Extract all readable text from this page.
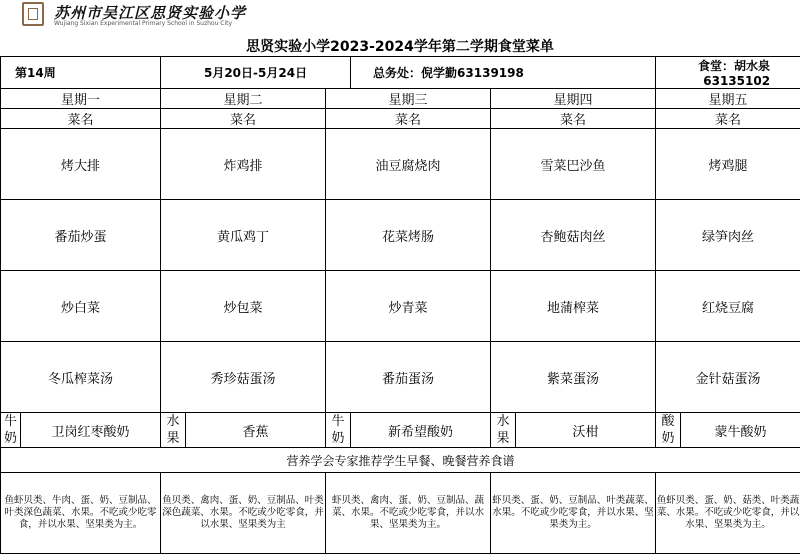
苏州市吴江区思贤实验小学
Wujiang Sixian Experimental Primary School in Suzhou City
思贤实验小学2023-2024学年第二学期食堂菜单
第14周		5月20日-5月24日			总务处：倪学勤63139198			食堂：胡水泉63135102	
星期一		星期二		星期三		星期四		星期五	
菜名		菜名		菜名		菜名		菜名	
烤大排		炸鸡排		油豆腐烧肉		雪菜巴沙鱼		烤鸡腿	
番茄炒蛋		黄瓜鸡丁		花菜烤肠		杏鲍菇肉丝		绿笋肉丝	
炒白菜		炒包菜		炒青菜		地蒲榨菜		红烧豆腐	
冬瓜榨菜汤		秀珍菇蛋汤		番茄蛋汤		紫菜蛋汤		金针菇蛋汤	
牛奶	卫岗红枣酸奶	水果	香蕉	牛奶	新希望酸奶	水果	沃柑	酸奶	蒙牛酸奶
营养学会专家推荐学生早餐、晚餐营养食谱									
鱼虾贝类、牛肉、蛋、奶、豆制品、叶类深色蔬菜、水果。不吃或少吃零食，并以水果、坚果类为主。		鱼贝类、禽肉、蛋、奶、豆制品、叶类深色蔬菜、水果。不吃或少吃零食，并以水果、坚果类为主		虾贝类、禽肉、蛋、奶、豆制品、蔬菜、水果。不吃或少吃零食，并以水果、坚果类为主。		虾贝类、蛋、奶、豆制品、叶类蔬菜、水果。不吃或少吃零食，并以水果、坚果类为主。		鱼虾贝类、蛋、奶、菇类、叶类蔬菜、水果。不吃或少吃零食，并以水果、坚果类为主。	
